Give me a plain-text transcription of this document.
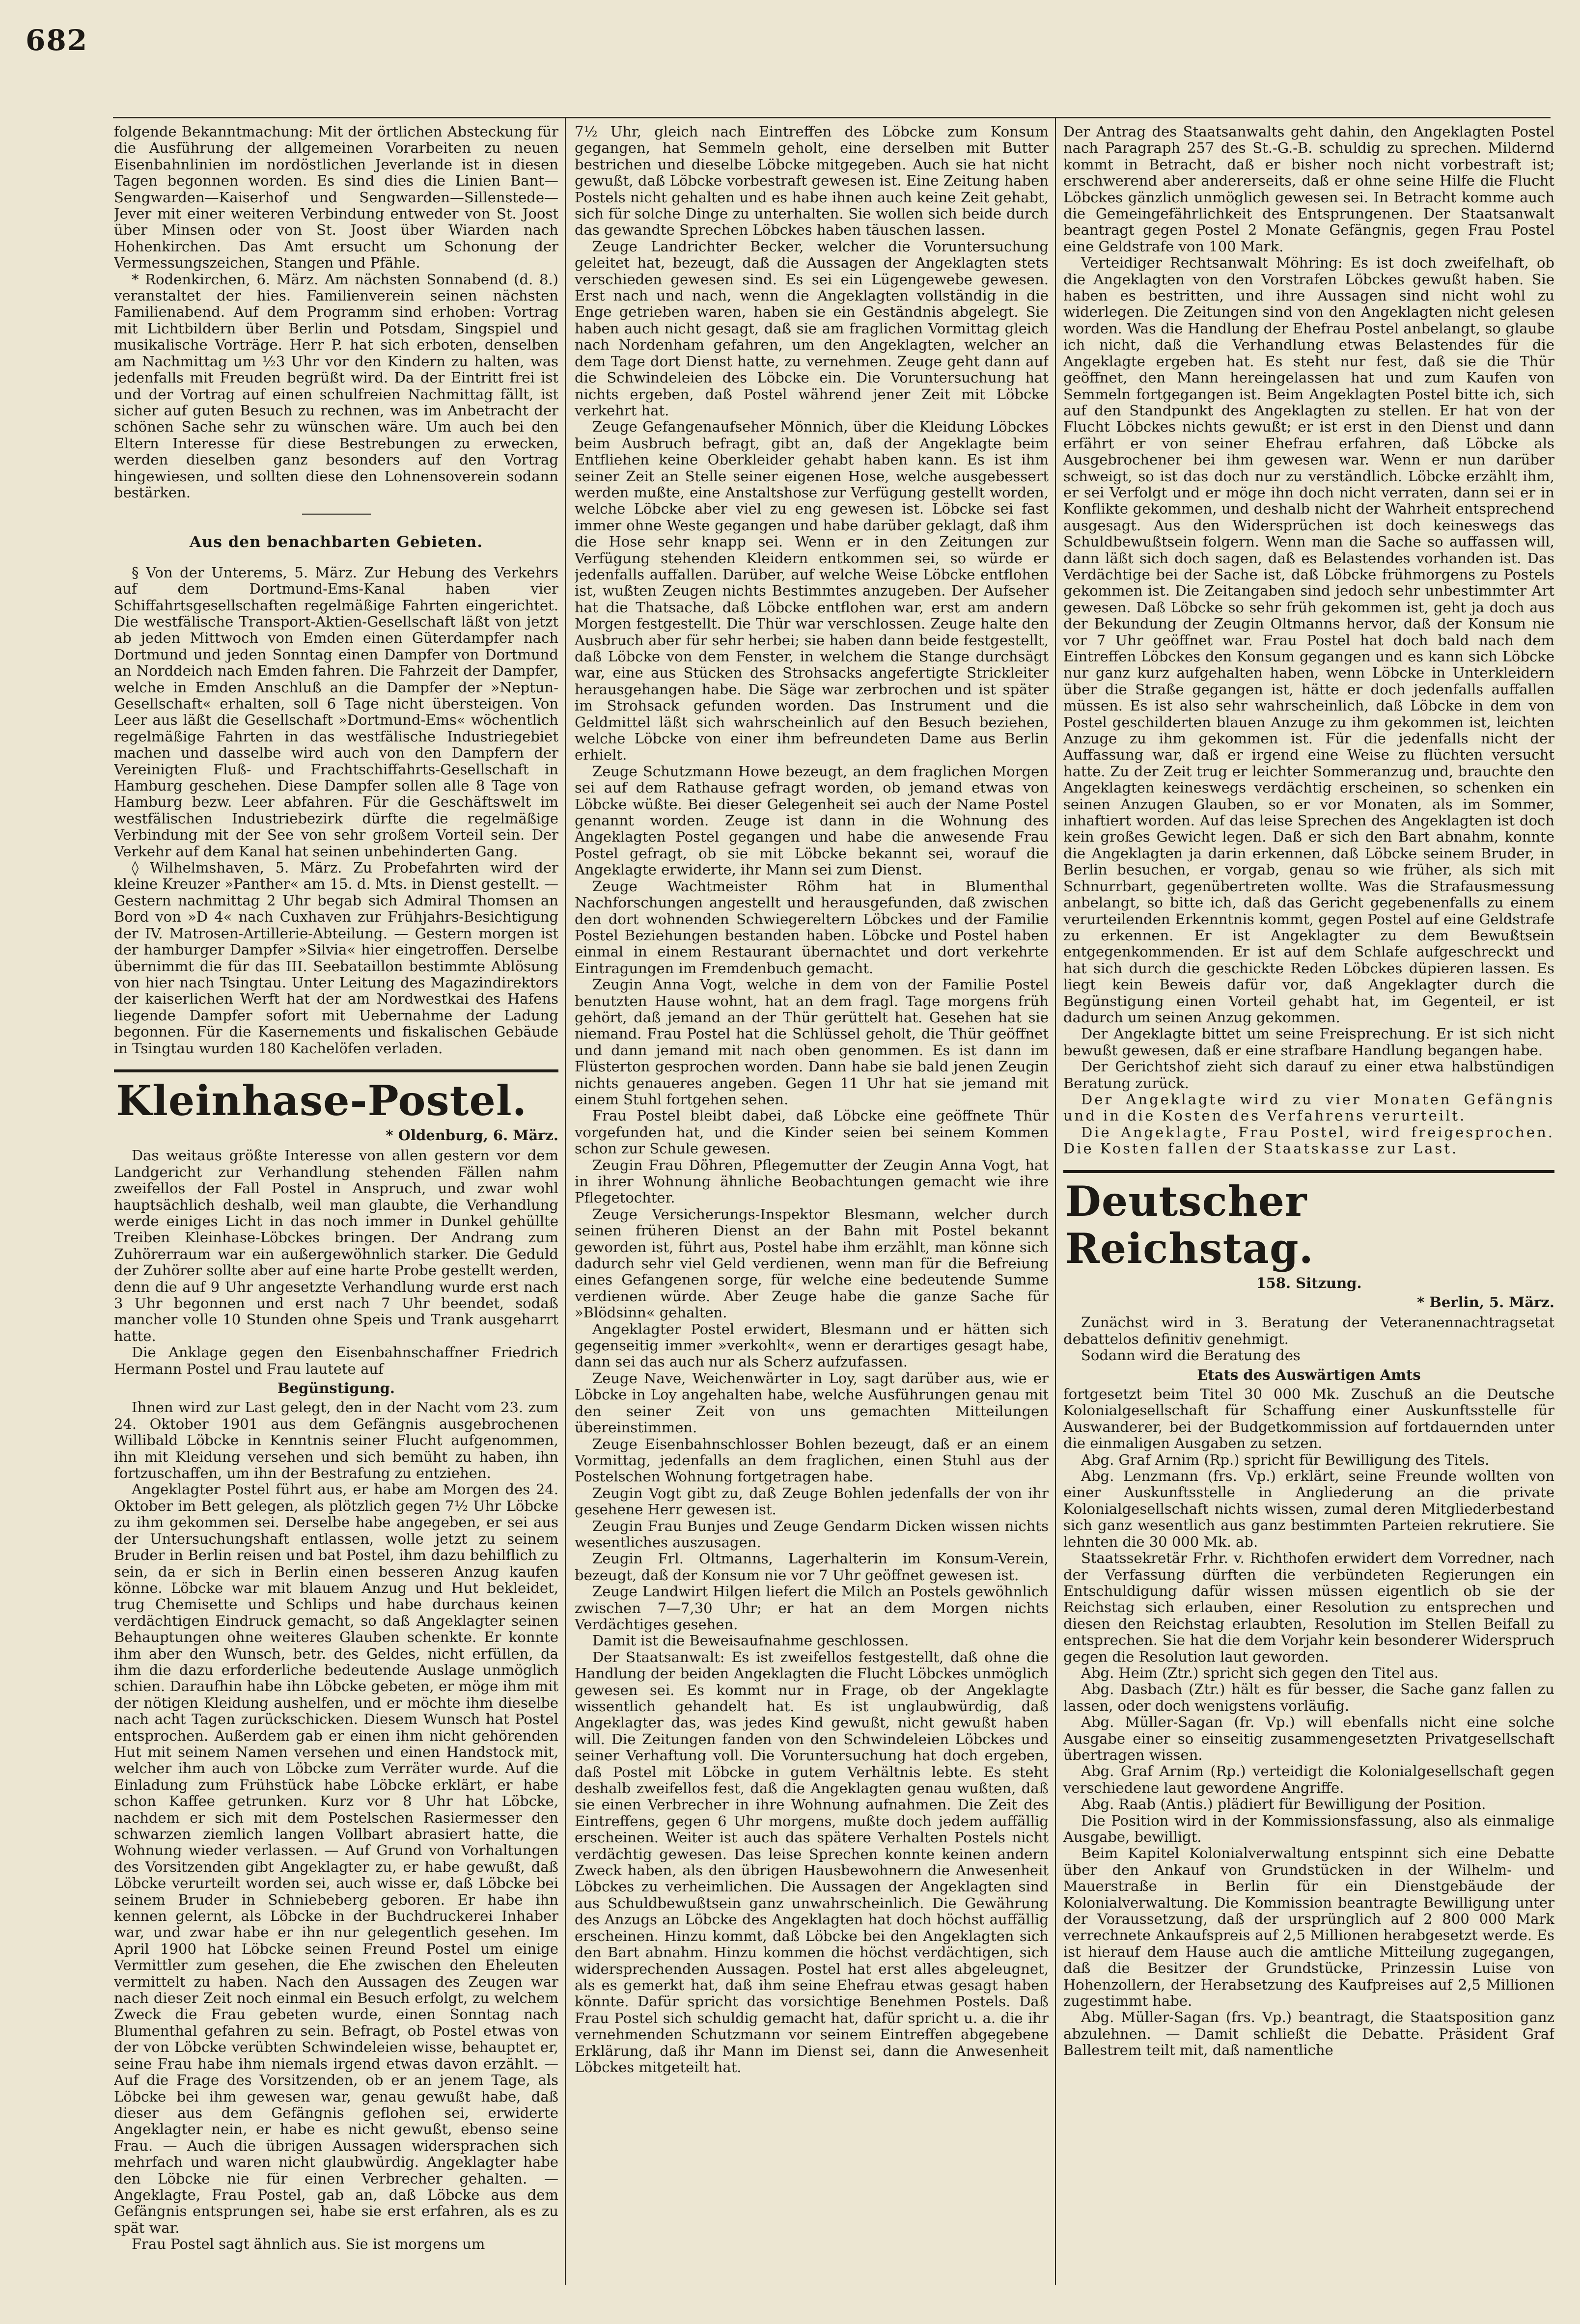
682

folgende Bekanntmachung: Mit der örtlichen Absteckung für die Ausführung der allgemeinen Vorarbeiten zu neuen Eisenbahnlinien im nordöstlichen Jeverlande ist in diesen Tagen begonnen worden. Es sind dies die Linien Bant—Sengwarden—Kaiserhof und Sengwarden—Sillenstede—Jever mit einer weiteren Verbindung entweder von St. Joost über Minsen oder von St. Joost über Wiarden nach Hohenkirchen. Das Amt ersucht um Schonung der Vermessungszeichen, Stangen und Pfähle.

* Rodenkirchen, 6. März. Am nächsten Sonnabend (d. 8.) veranstaltet der hies. Familienverein seinen nächsten Familienabend. Auf dem Programm sind erhoben: Vortrag mit Lichtbildern über Berlin und Potsdam, Singspiel und musikalische Vorträge. Herr P. hat sich erboten, denselben am Nachmittag um ½3 Uhr vor den Kindern zu halten, was jedenfalls mit Freuden begrüßt wird. Da der Eintritt frei ist und der Vortrag auf einen schulfreien Nachmittag fällt, ist sicher auf guten Besuch zu rechnen, was im Anbetracht der schönen Sache sehr zu wünschen wäre. Um auch bei den Eltern Interesse für diese Bestrebungen zu erwecken, werden dieselben ganz besonders auf den Vortrag hingewiesen, und sollten diese den Lohnensoverein sodann bestärken.

Aus den benachbarten Gebieten.

§ Von der Unterems, 5. März. Zur Hebung des Verkehrs auf dem Dortmund-Ems-Kanal haben vier Schiffahrtsgesellschaften regelmäßige Fahrten eingerichtet. Die westfälische Transport-Aktien-Gesellschaft läßt von jetzt ab jeden Mittwoch von Emden einen Güterdampfer nach Dortmund und jeden Sonntag einen Dampfer von Dortmund an Norddeich nach Emden fahren. Die Fahrzeit der Dampfer, welche in Emden Anschluß an die Dampfer der »Neptun-Gesellschaft« erhalten, soll 6 Tage nicht übersteigen. Von Leer aus läßt die Gesellschaft »Dortmund-Ems« wöchentlich regelmäßige Fahrten in das westfälische Industriegebiet machen und dasselbe wird auch von den Dampfern der Vereinigten Fluß- und Frachtschiffahrts-Gesellschaft in Hamburg geschehen. Diese Dampfer sollen alle 8 Tage von Hamburg bezw. Leer abfahren. Für die Geschäftswelt im westfälischen Industriebezirk dürfte die regelmäßige Verbindung mit der See von sehr großem Vorteil sein. Der Verkehr auf dem Kanal hat seinen unbehinderten Gang.

◊ Wilhelmshaven, 5. März. Zu Probefahrten wird der kleine Kreuzer »Panther« am 15. d. Mts. in Dienst gestellt. — Gestern nachmittag 2 Uhr begab sich Admiral Thomsen an Bord von »D 4« nach Cuxhaven zur Frühjahrs-Besichtigung der IV. Matrosen-Artillerie-Abteilung. — Gestern morgen ist der hamburger Dampfer »Silvia« hier eingetroffen. Derselbe übernimmt die für das III. Seebataillon bestimmte Ablösung von hier nach Tsingtau. Unter Leitung des Magazindirektors der kaiserlichen Werft hat der am Nordwestkai des Hafens liegende Dampfer sofort mit Uebernahme der Ladung begonnen. Für die Kasernements und fiskalischen Gebäude in Tsingtau wurden 180 Kachelöfen verladen.

Kleinhase-Postel.
* Oldenburg, 6. März.

Das weitaus größte Interesse von allen gestern vor dem Landgericht zur Verhandlung stehenden Fällen nahm zweifellos der Fall Postel in Anspruch, und zwar wohl hauptsächlich deshalb, weil man glaubte, die Verhandlung werde einiges Licht in das noch immer in Dunkel gehüllte Treiben Kleinhase-Löbckes bringen. Der Andrang zum Zuhörerraum war ein außergewöhnlich starker. Die Geduld der Zuhörer sollte aber auf eine harte Probe gestellt werden, denn die auf 9 Uhr angesetzte Verhandlung wurde erst nach 3 Uhr begonnen und erst nach 7 Uhr beendet, sodaß mancher volle 10 Stunden ohne Speis und Trank ausgeharrt hatte.

Die Anklage gegen den Eisenbahnschaffner Friedrich Hermann Postel und Frau lautete auf

Begünstigung.

Ihnen wird zur Last gelegt, den in der Nacht vom 23. zum 24. Oktober 1901 aus dem Gefängnis ausgebrochenen Willibald Löbcke in Kenntnis seiner Flucht aufgenommen, ihn mit Kleidung versehen und sich bemüht zu haben, ihn fortzuschaffen, um ihn der Bestrafung zu entziehen.

Angeklagter Postel führt aus, er habe am Morgen des 24. Oktober im Bett gelegen, als plötzlich gegen 7½ Uhr Löbcke zu ihm gekommen sei. Derselbe habe angegeben, er sei aus der Untersuchungshaft entlassen, wolle jetzt zu seinem Bruder in Berlin reisen und bat Postel, ihm dazu behilflich zu sein, da er sich in Berlin einen besseren Anzug kaufen könne. Löbcke war mit blauem Anzug und Hut bekleidet, trug Chemisette und Schlips und habe durchaus keinen verdächtigen Eindruck gemacht, so daß Angeklagter seinen Behauptungen ohne weiteres Glauben schenkte. Er konnte ihm aber den Wunsch, betr. des Geldes, nicht erfüllen, da ihm die dazu erforderliche bedeutende Auslage unmöglich schien. Daraufhin habe ihn Löbcke gebeten, er möge ihm mit der nötigen Kleidung aushelfen, und er möchte ihm dieselbe nach acht Tagen zurückschicken. Diesem Wunsch hat Postel entsprochen. Außerdem gab er einen ihm nicht gehörenden Hut mit seinem Namen versehen und einen Handstock mit, welcher ihm auch von Löbcke zum Verräter wurde. Auf die Einladung zum Frühstück habe Löbcke erklärt, er habe schon Kaffee getrunken. Kurz vor 8 Uhr hat Löbcke, nachdem er sich mit dem Postelschen Rasiermesser den schwarzen ziemlich langen Vollbart abrasiert hatte, die Wohnung wieder verlassen. — Auf Grund von Vorhaltungen des Vorsitzenden gibt Angeklagter zu, er habe gewußt, daß Löbcke verurteilt worden sei, auch wisse er, daß Löbcke bei seinem Bruder in Schniebeberg geboren. Er habe ihn kennen gelernt, als Löbcke in der Buchdruckerei Inhaber war, und zwar habe er ihn nur gelegentlich gesehen. Im April 1900 hat Löbcke seinen Freund Postel um einige Vermittler zum gesehen, die Ehe zwischen den Eheleuten vermittelt zu haben. Nach den Aussagen des Zeugen war nach dieser Zeit noch einmal ein Besuch erfolgt, zu welchem Zweck die Frau gebeten wurde, einen Sonntag nach Blumenthal gefahren zu sein. Befragt, ob Postel etwas von der von Löbcke verübten Schwindeleien wisse, behauptet er, seine Frau habe ihm niemals irgend etwas davon erzählt. — Auf die Frage des Vorsitzenden, ob er an jenem Tage, als Löbcke bei ihm gewesen war, genau gewußt habe, daß dieser aus dem Gefängnis geflohen sei, erwiderte Angeklagter nein, er habe es nicht gewußt, ebenso seine Frau. — Auch die übrigen Aussagen widersprachen sich mehrfach und waren nicht glaubwürdig. Angeklagter habe den Löbcke nie für einen Verbrecher gehalten. — Angeklagte, Frau Postel, gab an, daß Löbcke aus dem Gefängnis entsprungen sei, habe sie erst erfahren, als es zu spät war.

Frau Postel sagt ähnlich aus. Sie ist morgens um

7½ Uhr, gleich nach Eintreffen des Löbcke zum Konsum gegangen, hat Semmeln geholt, eine derselben mit Butter bestrichen und dieselbe Löbcke mitgegeben. Auch sie hat nicht gewußt, daß Löbcke vorbestraft gewesen ist. Eine Zeitung haben Postels nicht gehalten und es habe ihnen auch keine Zeit gehabt, sich für solche Dinge zu unterhalten. Sie wollen sich beide durch das gewandte Sprechen Löbckes haben täuschen lassen.

Zeuge Landrichter Becker, welcher die Voruntersuchung geleitet hat, bezeugt, daß die Aussagen der Angeklagten stets verschieden gewesen sind. Es sei ein Lügengewebe gewesen. Erst nach und nach, wenn die Angeklagten vollständig in die Enge getrieben waren, haben sie ein Geständnis abgelegt. Sie haben auch nicht gesagt, daß sie am fraglichen Vormittag gleich nach Nordenham gefahren, um den Angeklagten, welcher an dem Tage dort Dienst hatte, zu vernehmen. Zeuge geht dann auf die Schwindeleien des Löbcke ein. Die Voruntersuchung hat nichts ergeben, daß Postel während jener Zeit mit Löbcke verkehrt hat.

Zeuge Gefangenaufseher Mönnich, über die Kleidung Löbckes beim Ausbruch befragt, gibt an, daß der Angeklagte beim Entfliehen keine Oberkleider gehabt haben kann. Es ist ihm seiner Zeit an Stelle seiner eigenen Hose, welche ausgebessert werden mußte, eine Anstaltshose zur Verfügung gestellt worden, welche Löbcke aber viel zu eng gewesen ist. Löbcke sei fast immer ohne Weste gegangen und habe darüber geklagt, daß ihm die Hose sehr knapp sei. Wenn er in den Zeitungen zur Verfügung stehenden Kleidern entkommen sei, so würde er jedenfalls auffallen. Darüber, auf welche Weise Löbcke entflohen ist, wußten Zeugen nichts Bestimmtes anzugeben. Der Aufseher hat die Thatsache, daß Löbcke entflohen war, erst am andern Morgen festgestellt. Die Thür war verschlossen. Zeuge halte den Ausbruch aber für sehr herbei; sie haben dann beide festgestellt, daß Löbcke von dem Fenster, in welchem die Stange durchsägt war, eine aus Stücken des Strohsacks angefertigte Strickleiter herausgehangen habe. Die Säge war zerbrochen und ist später im Strohsack gefunden worden. Das Instrument und die Geldmittel läßt sich wahrscheinlich auf den Besuch beziehen, welche Löbcke von einer ihm befreundeten Dame aus Berlin erhielt.

Zeuge Schutzmann Howe bezeugt, an dem fraglichen Morgen sei auf dem Rathause gefragt worden, ob jemand etwas von Löbcke wüßte. Bei dieser Gelegenheit sei auch der Name Postel genannt worden. Zeuge ist dann in die Wohnung des Angeklagten Postel gegangen und habe die anwesende Frau Postel gefragt, ob sie mit Löbcke bekannt sei, worauf die Angeklagte erwiderte, ihr Mann sei zum Dienst.

Zeuge Wachtmeister Röhm hat in Blumenthal Nachforschungen angestellt und herausgefunden, daß zwischen den dort wohnenden Schwiegereltern Löbckes und der Familie Postel Beziehungen bestanden haben. Löbcke und Postel haben einmal in einem Restaurant übernachtet und dort verkehrte Eintragungen im Fremdenbuch gemacht.

Zeugin Anna Vogt, welche in dem von der Familie Postel benutzten Hause wohnt, hat an dem fragl. Tage morgens früh gehört, daß jemand an der Thür gerüttelt hat. Gesehen hat sie niemand. Frau Postel hat die Schlüssel geholt, die Thür geöffnet und dann jemand mit nach oben genommen. Es ist dann im Flüsterton gesprochen worden. Dann habe sie bald jenen Zeugin nichts genaueres angeben. Gegen 11 Uhr hat sie jemand mit einem Stuhl fortgehen sehen.

Frau Postel bleibt dabei, daß Löbcke eine geöffnete Thür vorgefunden hat, und die Kinder seien bei seinem Kommen schon zur Schule gewesen.

Zeugin Frau Döhren, Pflegemutter der Zeugin Anna Vogt, hat in ihrer Wohnung ähnliche Beobachtungen gemacht wie ihre Pflegetochter.

Zeuge Versicherungs-Inspektor Blesmann, welcher durch seinen früheren Dienst an der Bahn mit Postel bekannt geworden ist, führt aus, Postel habe ihm erzählt, man könne sich dadurch sehr viel Geld verdienen, wenn man für die Befreiung eines Gefangenen sorge, für welche eine bedeutende Summe verdienen würde. Aber Zeuge habe die ganze Sache für »Blödsinn« gehalten.

Angeklagter Postel erwidert, Blesmann und er hätten sich gegenseitig immer »verkohlt«, wenn er derartiges gesagt habe, dann sei das auch nur als Scherz aufzufassen.

Zeuge Nave, Weichenwärter in Loy, sagt darüber aus, wie er Löbcke in Loy angehalten habe, welche Ausführungen genau mit den seiner Zeit von uns gemachten Mitteilungen übereinstimmen.

Zeuge Eisenbahnschlosser Bohlen bezeugt, daß er an einem Vormittag, jedenfalls an dem fraglichen, einen Stuhl aus der Postelschen Wohnung fortgetragen habe.

Zeugin Vogt gibt zu, daß Zeuge Bohlen jedenfalls der von ihr gesehene Herr gewesen ist.

Zeugin Frau Bunjes und Zeuge Gendarm Dicken wissen nichts wesentliches auszusagen.

Zeugin Frl. Oltmanns, Lagerhalterin im Konsum-Verein, bezeugt, daß der Konsum nie vor 7 Uhr geöffnet gewesen ist.

Zeuge Landwirt Hilgen liefert die Milch an Postels gewöhnlich zwischen 7—7,30 Uhr; er hat an dem Morgen nichts Verdächtiges gesehen.

Damit ist die Beweisaufnahme geschlossen.

Der Staatsanwalt: Es ist zweifellos festgestellt, daß ohne die Handlung der beiden Angeklagten die Flucht Löbckes unmöglich gewesen sei. Es kommt nur in Frage, ob der Angeklagte wissentlich gehandelt hat. Es ist unglaubwürdig, daß Angeklagter das, was jedes Kind gewußt, nicht gewußt haben will. Die Zeitungen fanden von den Schwindeleien Löbckes und seiner Verhaftung voll. Die Voruntersuchung hat doch ergeben, daß Postel mit Löbcke in gutem Verhältnis lebte. Es steht deshalb zweifellos fest, daß die Angeklagten genau wußten, daß sie einen Verbrecher in ihre Wohnung aufnahmen. Die Zeit des Eintreffens, gegen 6 Uhr morgens, mußte doch jedem auffällig erscheinen. Weiter ist auch das spätere Verhalten Postels nicht verdächtig gewesen. Das leise Sprechen konnte keinen andern Zweck haben, als den übrigen Hausbewohnern die Anwesenheit Löbckes zu verheimlichen. Die Aussagen der Angeklagten sind aus Schuldbewußtsein ganz unwahrscheinlich. Die Gewährung des Anzugs an Löbcke des Angeklagten hat doch höchst auffällig erscheinen. Hinzu kommt, daß Löbcke bei den Angeklagten sich den Bart abnahm. Hinzu kommen die höchst verdächtigen, sich widersprechenden Aussagen. Postel hat erst alles abgeleugnet, als es gemerkt hat, daß ihm seine Ehefrau etwas gesagt haben könnte. Dafür spricht das vorsichtige Benehmen Postels. Daß Frau Postel sich schuldig gemacht hat, dafür spricht u. a. die ihr vernehmenden Schutzmann vor seinem Eintreffen abgegebene Erklärung, daß ihr Mann im Dienst sei, dann die Anwesenheit Löbckes mitgeteilt hat.

Der Antrag des Staatsanwalts geht dahin, den Angeklagten Postel nach Paragraph 257 des St.-G.-B. schuldig zu sprechen. Mildernd kommt in Betracht, daß er bisher noch nicht vorbestraft ist; erschwerend aber andererseits, daß er ohne seine Hilfe die Flucht Löbckes gänzlich unmöglich gewesen sei. In Betracht komme auch die Gemeingefährlichkeit des Entsprungenen. Der Staatsanwalt beantragt gegen Postel 2 Monate Gefängnis, gegen Frau Postel eine Geldstrafe von 100 Mark.

Verteidiger Rechtsanwalt Möhring: Es ist doch zweifelhaft, ob die Angeklagten von den Vorstrafen Löbckes gewußt haben. Sie haben es bestritten, und ihre Aussagen sind nicht wohl zu widerlegen. Die Zeitungen sind von den Angeklagten nicht gelesen worden. Was die Handlung der Ehefrau Postel anbelangt, so glaube ich nicht, daß die Verhandlung etwas Belastendes für die Angeklagte ergeben hat. Es steht nur fest, daß sie die Thür geöffnet, den Mann hereingelassen hat und zum Kaufen von Semmeln fortgegangen ist. Beim Angeklagten Postel bitte ich, sich auf den Standpunkt des Angeklagten zu stellen. Er hat von der Flucht Löbckes nichts gewußt; er ist erst in den Dienst und dann erfährt er von seiner Ehefrau erfahren, daß Löbcke als Ausgebrochener bei ihm gewesen war. Wenn er nun darüber schweigt, so ist das doch nur zu verständlich. Löbcke erzählt ihm, er sei Verfolgt und er möge ihn doch nicht verraten, dann sei er in Konflikte gekommen, und deshalb nicht der Wahrheit entsprechend ausgesagt. Aus den Widersprüchen ist doch keineswegs das Schuldbewußtsein folgern. Wenn man die Sache so auffassen will, dann läßt sich doch sagen, daß es Belastendes vorhanden ist. Das Verdächtige bei der Sache ist, daß Löbcke frühmorgens zu Postels gekommen ist. Die Zeitangaben sind jedoch sehr unbestimmter Art gewesen. Daß Löbcke so sehr früh gekommen ist, geht ja doch aus der Bekundung der Zeugin Oltmanns hervor, daß der Konsum nie vor 7 Uhr geöffnet war. Frau Postel hat doch bald nach dem Eintreffen Löbckes den Konsum gegangen und es kann sich Löbcke nur ganz kurz aufgehalten haben, wenn Löbcke in Unterkleidern über die Straße gegangen ist, hätte er doch jedenfalls auffallen müssen. Es ist also sehr wahrscheinlich, daß Löbcke in dem von Postel geschilderten blauen Anzuge zu ihm gekommen ist, leichten Anzuge zu ihm gekommen ist. Für die jedenfalls nicht der Auffassung war, daß er irgend eine Weise zu flüchten versucht hatte. Zu der Zeit trug er leichter Sommeranzug und, brauchte den Angeklagten keineswegs verdächtig erscheinen, so schenken ein seinen Anzugen Glauben, so er vor Monaten, als im Sommer, inhaftiert worden. Auf das leise Sprechen des Angeklagten ist doch kein großes Gewicht legen. Daß er sich den Bart abnahm, konnte die Angeklagten ja darin erkennen, daß Löbcke seinem Bruder, in Berlin besuchen, er vorgab, genau so wie früher, als sich mit Schnurrbart, gegenübertreten wollte. Was die Strafausmessung anbelangt, so bitte ich, daß das Gericht gegebenenfalls zu einem verurteilenden Erkenntnis kommt, gegen Postel auf eine Geldstrafe zu erkennen. Er ist Angeklagter zu dem Bewußtsein entgegenkommenden. Er ist auf dem Schlafe aufgeschreckt und hat sich durch die geschickte Reden Löbckes düpieren lassen. Es liegt kein Beweis dafür vor, daß Angeklagter durch die Begünstigung einen Vorteil gehabt hat, im Gegenteil, er ist dadurch um seinen Anzug gekommen.

Der Angeklagte bittet um seine Freisprechung. Er ist sich nicht bewußt gewesen, daß er eine strafbare Handlung begangen habe.

Der Gerichtshof zieht sich darauf zu einer etwa halbstündigen Beratung zurück.

Der Angeklagte wird zu vier Monaten Gefängnis und in die Kosten des Verfahrens verurteilt.

Die Angeklagte, Frau Postel, wird freigesprochen. Die Kosten fallen der Staatskasse zur Last.

Deutscher Reichstag.
158. Sitzung.
* Berlin, 5. März.

Zunächst wird in 3. Beratung der Veteranennachtragsetat debattelos definitiv genehmigt.

Sodann wird die Beratung des

Etats des Auswärtigen Amts

fortgesetzt beim Titel 30 000 Mk. Zuschuß an die Deutsche Kolonialgesellschaft für Schaffung einer Auskunftsstelle für Auswanderer, bei der Budgetkommission auf fortdauernden unter die einmaligen Ausgaben zu setzen.

Abg. Graf Arnim (Rp.) spricht für Bewilligung des Titels.

Abg. Lenzmann (frs. Vp.) erklärt, seine Freunde wollten von einer Auskunftsstelle in Angliederung an die private Kolonialgesellschaft nichts wissen, zumal deren Mitgliederbestand sich ganz wesentlich aus ganz bestimmten Parteien rekrutiere. Sie lehnten die 30 000 Mk. ab.

Staatssekretär Frhr. v. Richthofen erwidert dem Vorredner, nach der Verfassung dürften die verbündeten Regierungen ein Entschuldigung dafür wissen müssen eigentlich ob sie der Reichstag sich erlauben, einer Resolution zu entsprechen und diesen den Reichstag erlaubten, Resolution im Stellen Beifall zu entsprechen. Sie hat die dem Vorjahr kein besonderer Widerspruch gegen die Resolution laut geworden.

Abg. Heim (Ztr.) spricht sich gegen den Titel aus.

Abg. Dasbach (Ztr.) hält es für besser, die Sache ganz fallen zu lassen, oder doch wenigstens vorläufig.

Abg. Müller-Sagan (fr. Vp.) will ebenfalls nicht eine solche Ausgabe einer so einseitig zusammengesetzten Privatgesellschaft übertragen wissen.

Abg. Graf Arnim (Rp.) verteidigt die Kolonialgesellschaft gegen verschiedene laut gewordene Angriffe.

Abg. Raab (Antis.) plädiert für Bewilligung der Position.

Die Position wird in der Kommissionsfassung, also als einmalige Ausgabe, bewilligt.

Beim Kapitel Kolonialverwaltung entspinnt sich eine Debatte über den Ankauf von Grundstücken in der Wilhelm- und Mauerstraße in Berlin für ein Dienstgebäude der Kolonialverwaltung. Die Kommission beantragte Bewilligung unter der Voraussetzung, daß der ursprünglich auf 2 800 000 Mark verrechnete Ankaufspreis auf 2,5 Millionen herabgesetzt werde. Es ist hierauf dem Hause auch die amtliche Mitteilung zugegangen, daß die Besitzer der Grundstücke, Prinzessin Luise von Hohenzollern, der Herabsetzung des Kaufpreises auf 2,5 Millionen zugestimmt habe.

Abg. Müller-Sagan (frs. Vp.) beantragt, die Staatsposition ganz abzulehnen. — Damit schließt die Debatte. Präsident Graf Ballestrem teilt mit, daß namentliche
